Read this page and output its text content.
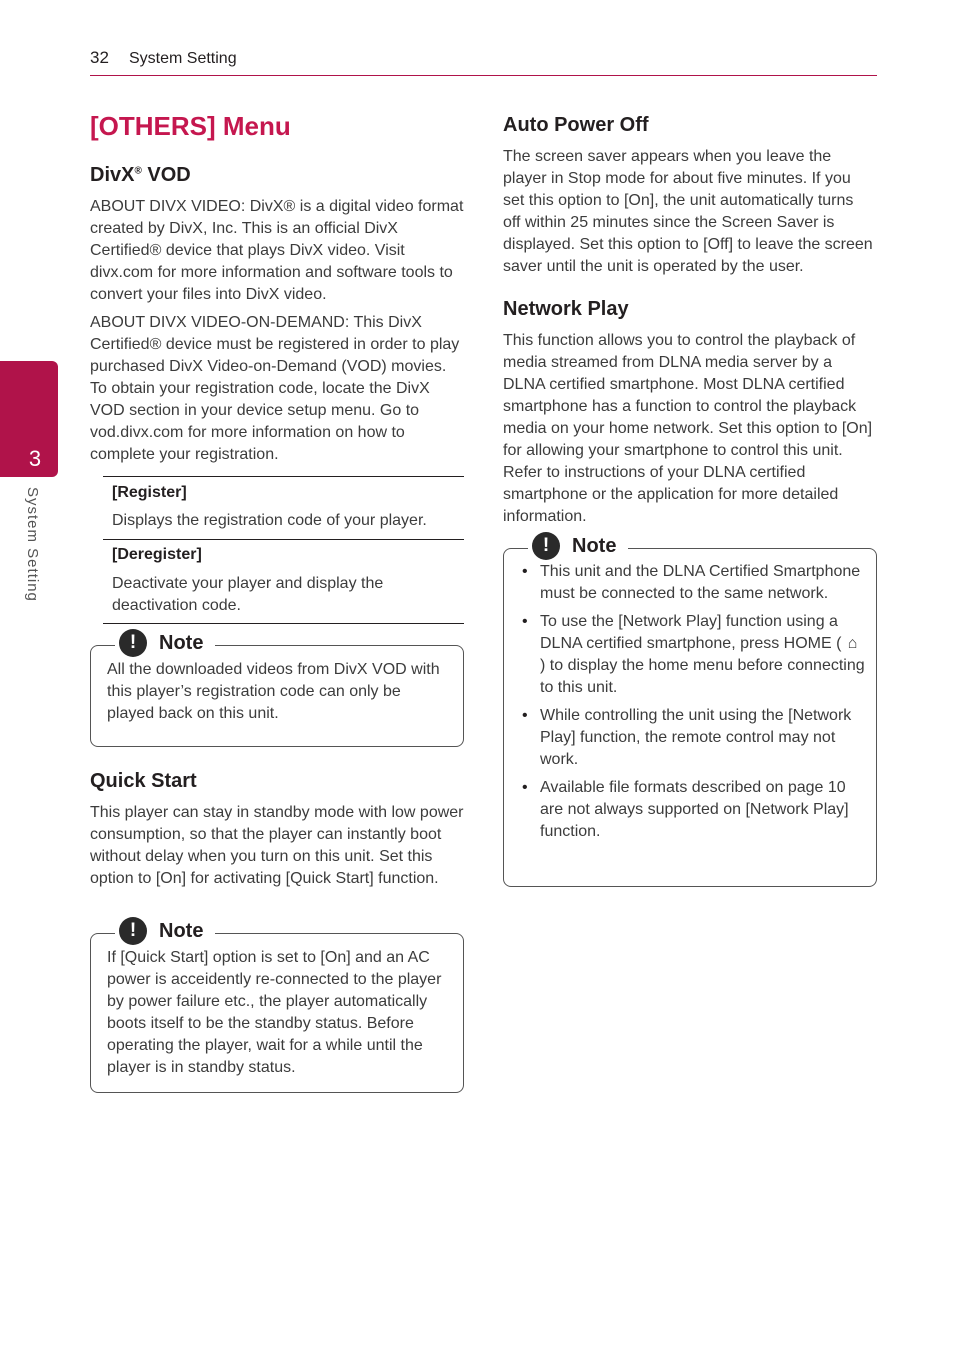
32 System Setting
3
System Setting
[OTHERS] Menu
DivX® VOD

ABOUT DIVX VIDEO: DivX® is a digital video format created by DivX, Inc. This is an official DivX Certified® device that plays DivX video. Visit divx.com for more information and software tools to convert your files into DivX video.

ABOUT DIVX VIDEO-ON-DEMAND: This DivX Certified® device must be registered in order to play purchased DivX Video-on-Demand (VOD) movies. To obtain your registration code, locate the DivX VOD section in your device setup menu. Go to vod.divx.com for more information on how to complete your registration.

[Register]
Displays the registration code of your player.
[Deregister]
Deactivate your player and display the deactivation code.
!	Note
All the downloaded videos from DivX VOD with this player’s registration code can only be played back on this unit.
Quick Start

This player can stay in standby mode with low power consumption, so that the player can instantly boot without delay when you turn on this unit. Set this option to [On] for activating [Quick Start] function.

!	Note
If [Quick Start] option is set to [On] and an AC power is acceidently re-connected to the player by power failure etc., the player automatically boots itself to be the standby status. Before operating the player, wait for a while until the player is in standby status.
Auto Power Off

The screen saver appears when you leave the player in Stop mode for about five minutes. If you set this option to [On], the unit automatically turns off within 25 minutes since the Screen Saver is displayed. Set this option to [Off] to leave the screen saver until the unit is operated by the user.

Network Play

This function allows you to control the playback of media streamed from DLNA media server by a DLNA certified smartphone. Most DLNA certified smartphone has a function to control the playback media on your home network. Set this option to [On] for allowing your smartphone to control this unit. Refer to instructions of your DLNA certified smartphone or the application for more detailed information.

!	Note
• This unit and the DLNA Certified Smartphone must be connected to the same network.
• To use the [Network Play] function using a DLNA certified smartphone, press HOME ( ⌂) to display the home menu before connecting to this unit.
• While controlling the unit using the [Network Play] function, the remote control may not work.
• Available file formats described on page 10 are not always supported on [Network Play] function.
